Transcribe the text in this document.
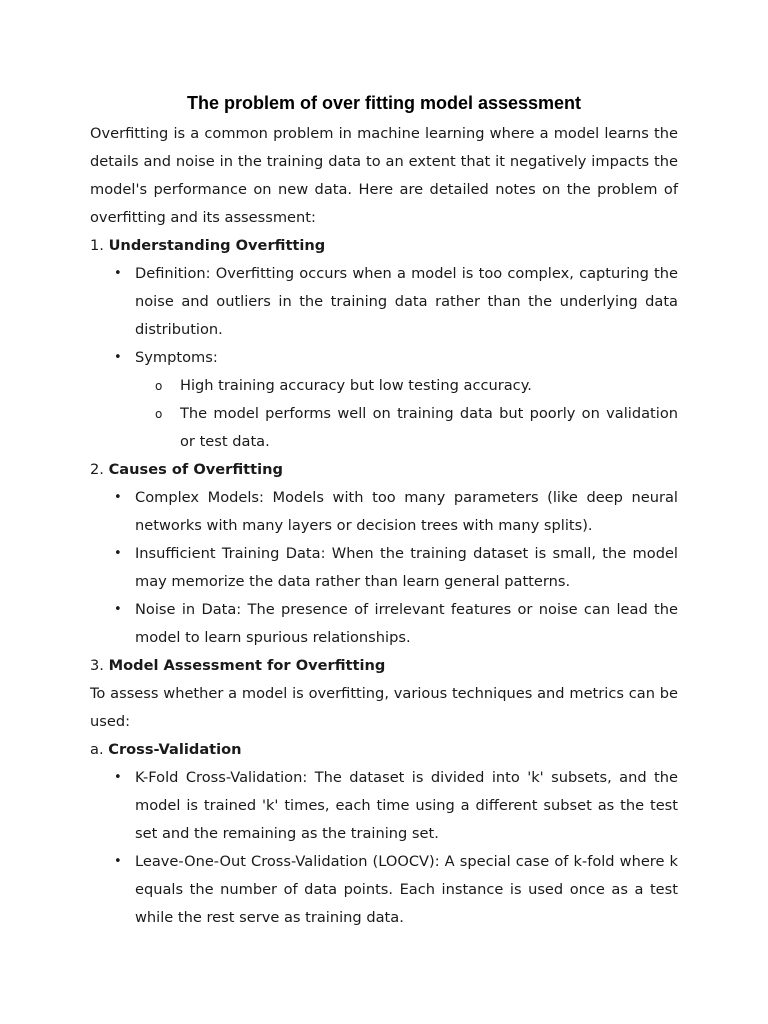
The problem of over fitting model assessment

Overfitting is a common problem in machine learning where a model learns the details and noise in the training data to an extent that it negatively impacts the model's performance on new data. Here are detailed notes on the problem of overfitting and its assessment:

1. Understanding Overfitting
• Definition: Overfitting occurs when a model is too complex, capturing the noise and outliers in the training data rather than the underlying data distribution.
• Symptoms:
o High training accuracy but low testing accuracy.
o The model performs well on training data but poorly on validation or test data.
2. Causes of Overfitting
• Complex Models: Models with too many parameters (like deep neural networks with many layers or decision trees with many splits).
• Insufficient Training Data: When the training dataset is small, the model may memorize the data rather than learn general patterns.
• Noise in Data: The presence of irrelevant features or noise can lead the model to learn spurious relationships.
3. Model Assessment for Overfitting

To assess whether a model is overfitting, various techniques and metrics can be used:

a. Cross-Validation
• K-Fold Cross-Validation: The dataset is divided into 'k' subsets, and the model is trained 'k' times, each time using a different subset as the test set and the remaining as the training set.
• Leave-One-Out Cross-Validation (LOOCV): A special case of k-fold where k equals the number of data points. Each instance is used once as a test while the rest serve as training data.
